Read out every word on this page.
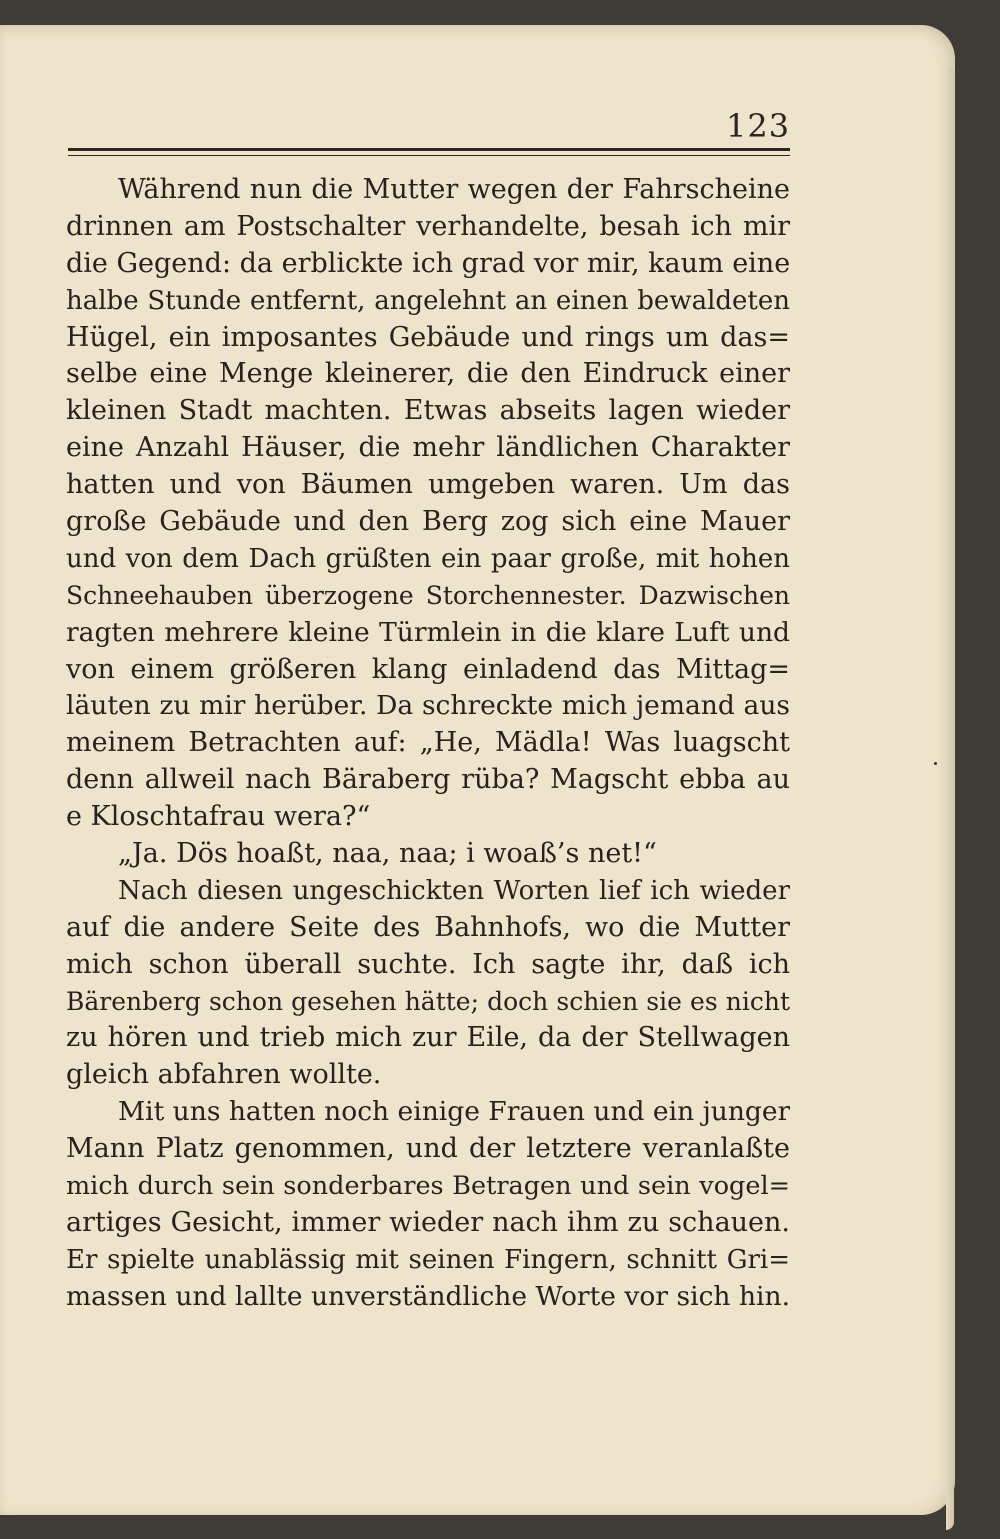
123
Während nun die Mutter wegen der Fahrscheine
drinnen am Postschalter verhandelte, besah ich mir
die Gegend: da erblickte ich grad vor mir, kaum eine
halbe Stunde entfernt, angelehnt an einen bewaldeten
Hügel, ein imposantes Gebäude und rings um das=
selbe eine Menge kleinerer, die den Eindruck einer
kleinen Stadt machten. Etwas abseits lagen wieder
eine Anzahl Häuser, die mehr ländlichen Charakter
hatten und von Bäumen umgeben waren. Um das
große Gebäude und den Berg zog sich eine Mauer
und von dem Dach grüßten ein paar große, mit hohen
Schneehauben überzogene Storchennester. Dazwischen
ragten mehrere kleine Türmlein in die klare Luft und
von einem größeren klang einladend das Mittag=
läuten zu mir herüber. Da schreckte mich jemand aus
meinem Betrachten auf: „He, Mädla! Was luagscht
denn allweil nach Bäraberg rüba? Magscht ebba au
e Kloschtafrau wera?“
„Ja. Dös hoaßt, naa, naa; i woaß’s net!“
Nach diesen ungeschickten Worten lief ich wieder
auf die andere Seite des Bahnhofs, wo die Mutter
mich schon überall suchte. Ich sagte ihr, daß ich
Bärenberg schon gesehen hätte; doch schien sie es nicht
zu hören und trieb mich zur Eile, da der Stellwagen
gleich abfahren wollte.
Mit uns hatten noch einige Frauen und ein junger
Mann Platz genommen, und der letztere veranlaßte
mich durch sein sonderbares Betragen und sein vogel=
artiges Gesicht, immer wieder nach ihm zu schauen.
Er spielte unablässig mit seinen Fingern, schnitt Gri=
massen und lallte unverständliche Worte vor sich hin.
